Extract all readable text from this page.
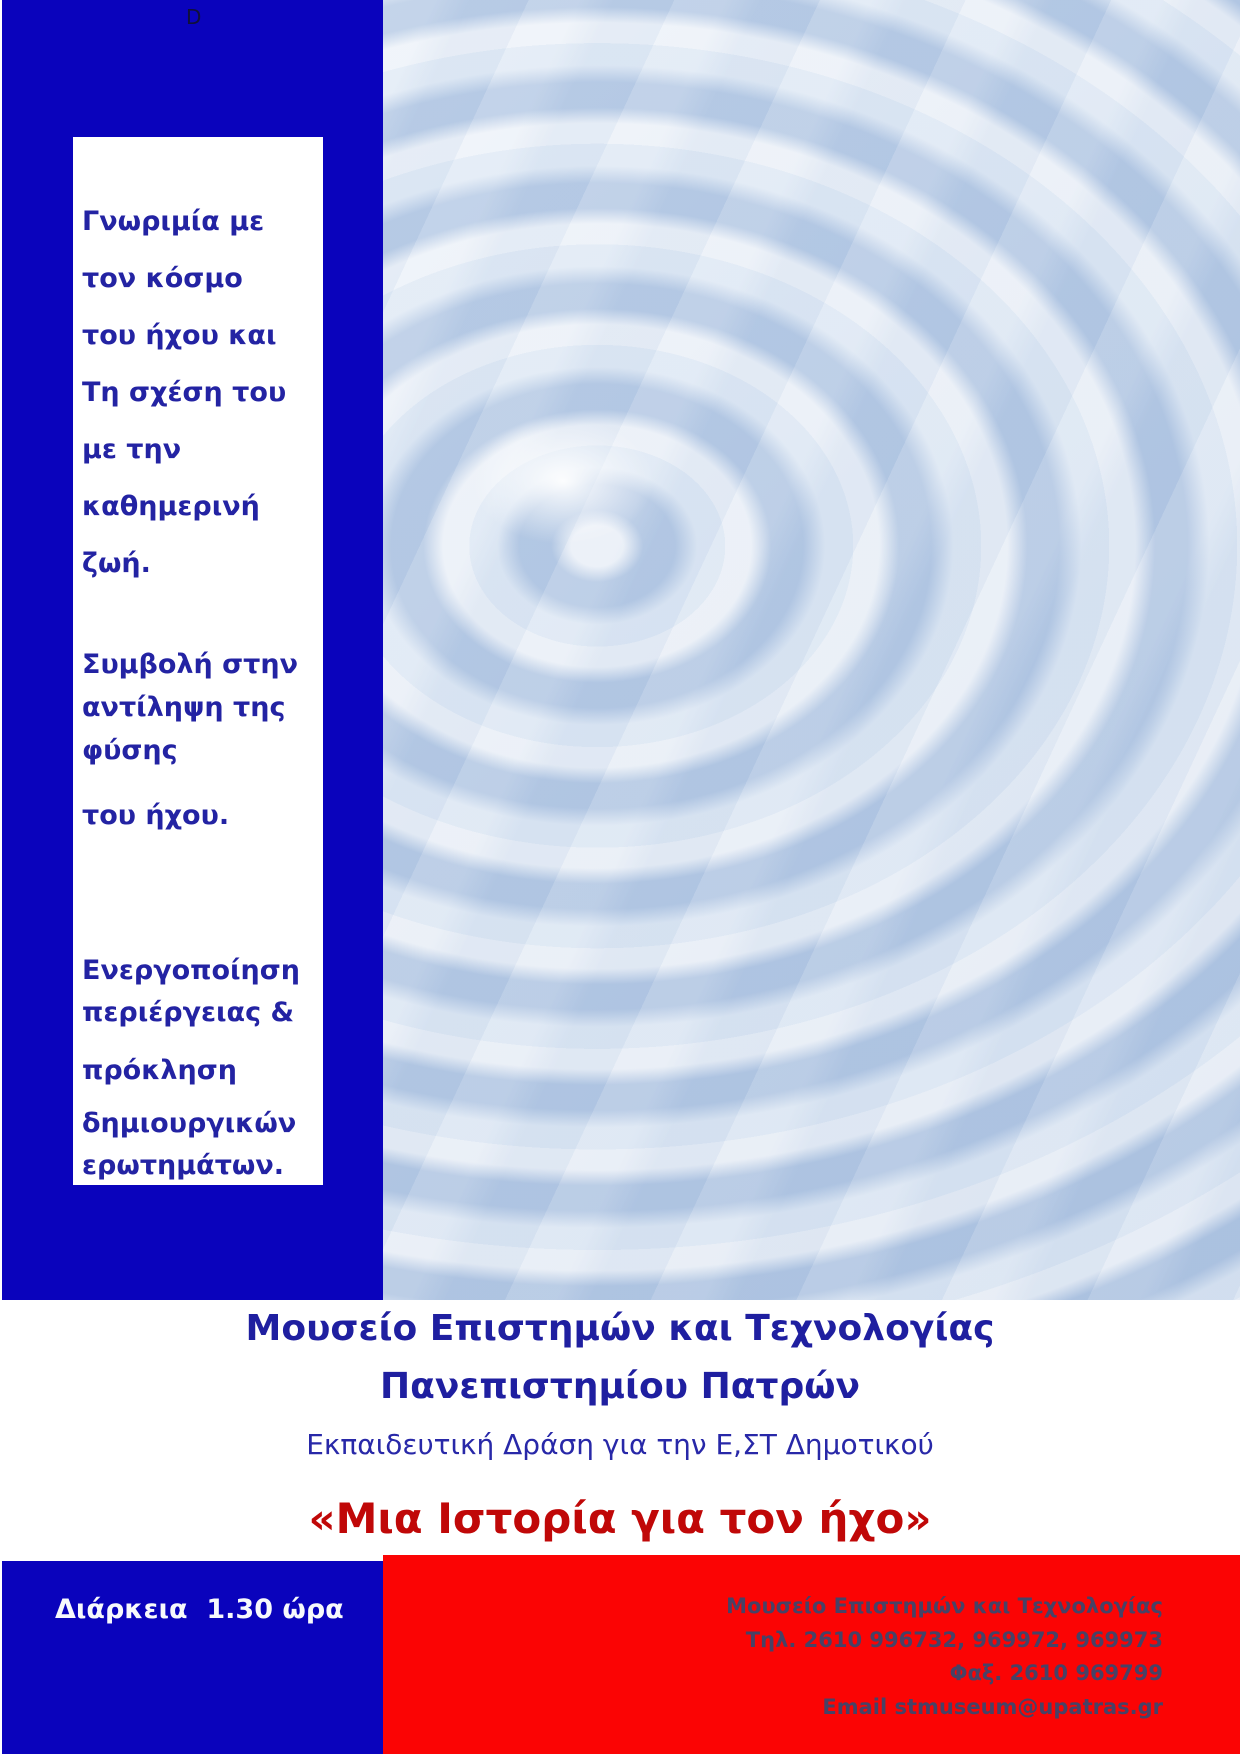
D
Γνωριμία με
τον κόσμο
του ήχου και
Τη σχέση του
με την
καθημερινή
ζωή.
Συμβολή στην
αντίληψη της
φύσης
του ήχου.
Ενεργοποίηση
περιέργειας &
πρόκληση
δημιουργικών
ερωτημάτων.
Μουσείο Επιστημών και Τεχνολογίας
Πανεπιστημίου Πατρών
Εκπαιδευτική Δράση για την Ε,ΣΤ Δημοτικού
«Μια Ιστορία για τον ήχο»
Διάρκεια  1.30 ώρα	Μουσείο Επιστημών και Τεχνολογίας
Τηλ. 2610 996732, 969972, 969973
Φαξ. 2610 969799
Email stmuseum@upatras.gr
